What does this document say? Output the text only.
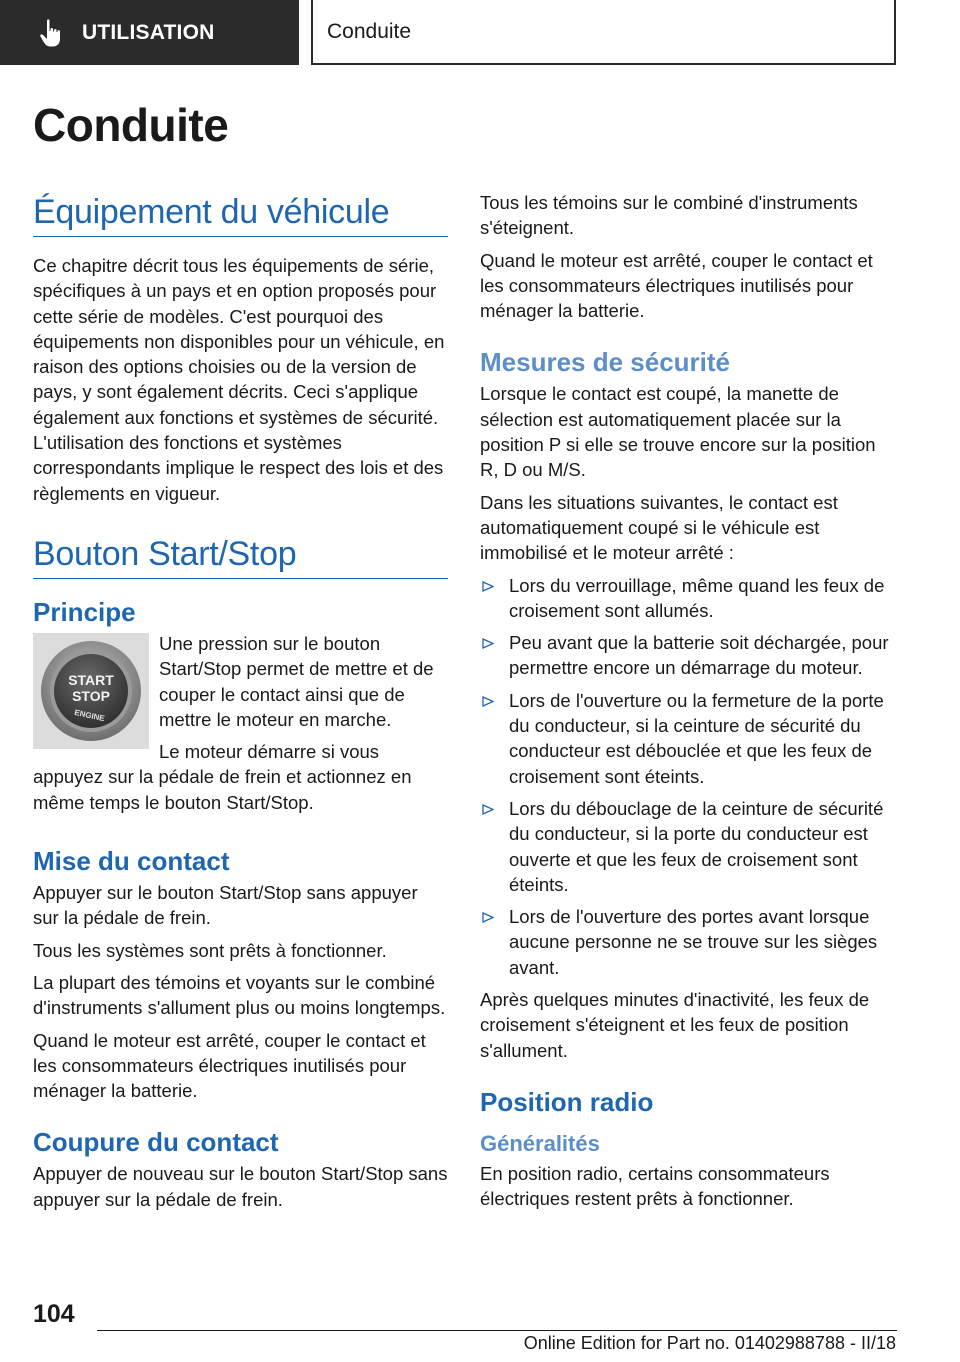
UTILISATION	Conduite
Conduite
Équipement du véhicule

Ce chapitre décrit tous les équipements de série, spécifiques à un pays et en option proposés pour cette série de modèles. C'est pourquoi des équipements non disponibles pour un véhicule, en raison des options choisies ou de la version de pays, y sont également décrits. Ceci s'applique également aux fonctions et systèmes de sécurité. L'utilisation des fonctions et systèmes correspondants implique le respect des lois et des règlements en vigueur.

Bouton Start/Stop
Principe
START
STOP
ENGINE

Une pression sur le bouton Start/Stop permet de mettre et de couper le contact ainsi que de mettre le moteur en marche.

Le moteur démarre si vous appuyez sur la pédale de frein et actionnez en même temps le bouton Start/Stop.

Mise du contact

Appuyer sur le bouton Start/Stop sans appuyer sur la pédale de frein.

Tous les systèmes sont prêts à fonctionner.

La plupart des témoins et voyants sur le combiné d'instruments s'allument plus ou moins longtemps.

Quand le moteur est arrêté, couper le contact et les consommateurs électriques inutilisés pour ménager la batterie.

Coupure du contact

Appuyer de nouveau sur le bouton Start/Stop sans appuyer sur la pédale de frein.

Tous les témoins sur le combiné d'instruments s'éteignent.

Quand le moteur est arrêté, couper le contact et les consommateurs électriques inutilisés pour ménager la batterie.

Mesures de sécurité

Lorsque le contact est coupé, la manette de sélection est automatiquement placée sur la position P si elle se trouve encore sur la position R, D ou M/S.

Dans les situations suivantes, le contact est automatiquement coupé si le véhicule est immobilisé et le moteur arrêté :

Lors du verrouillage, même quand les feux de croisement sont allumés.
Peu avant que la batterie soit déchargée, pour permettre encore un démarrage du moteur.
Lors de l'ouverture ou la fermeture de la porte du conducteur, si la ceinture de sécurité du conducteur est débouclée et que les feux de croisement sont éteints.
Lors du débouclage de la ceinture de sécurité du conducteur, si la porte du conducteur est ouverte et que les feux de croisement sont éteints.
Lors de l'ouverture des portes avant lorsque aucune personne ne se trouve sur les sièges avant.

Après quelques minutes d'inactivité, les feux de croisement s'éteignent et les feux de position s'allument.

Position radio
Généralités

En position radio, certains consommateurs électriques restent prêts à fonctionner.

104
Online Edition for Part no. 01402988788 - II/18
